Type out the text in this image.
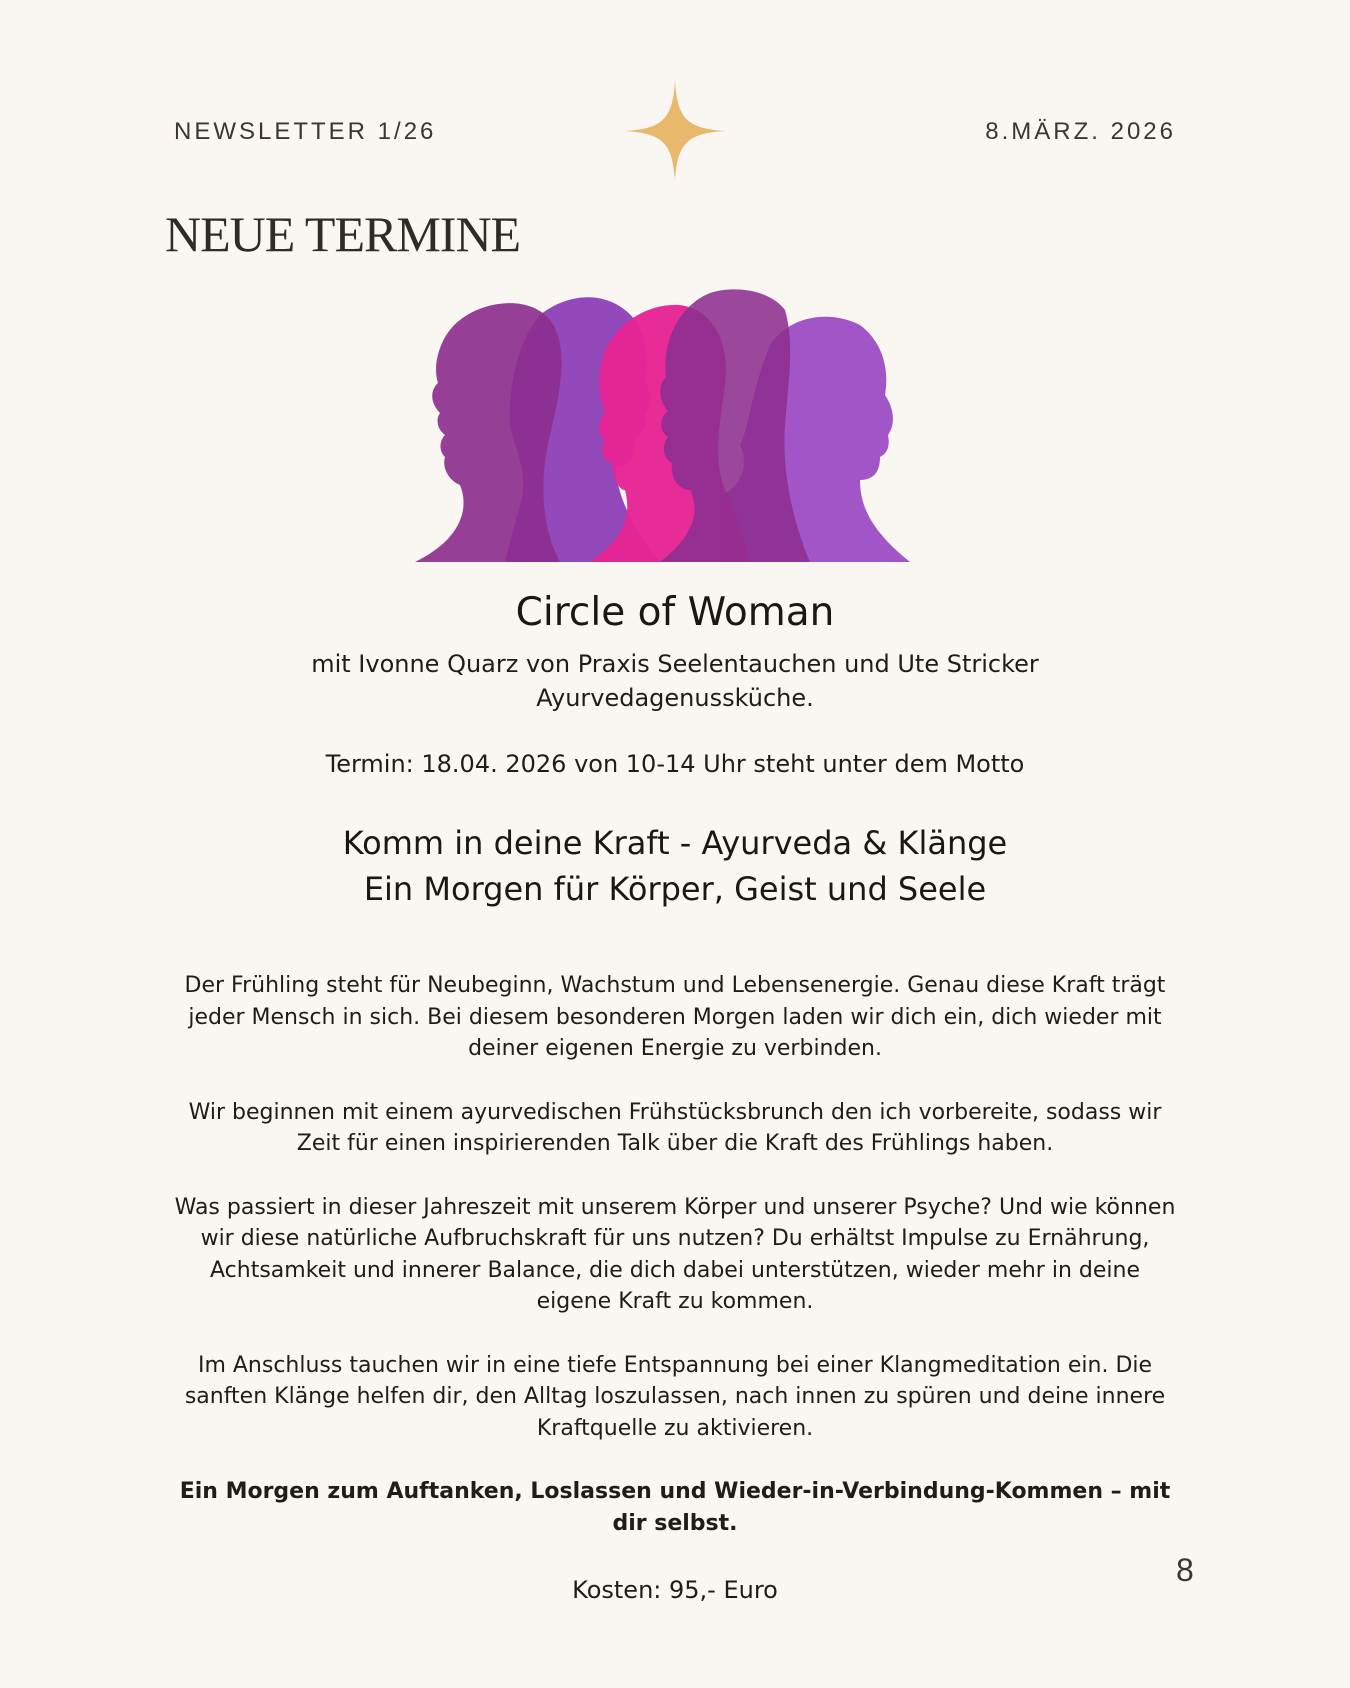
NEWSLETTER 1/26	8.MÄRZ. 2026
NEUE TERMINE
Circle of Woman
mit Ivonne Quarz von Praxis Seelentauchen und Ute Stricker
Ayurvedagenussküche.
Termin: 18.04. 2026 von 10-14 Uhr steht unter dem Motto
Komm in deine Kraft - Ayurveda & Klänge
Ein Morgen für Körper, Geist und Seele

Der Frühling steht für Neubeginn, Wachstum und Lebensenergie. Genau diese Kraft trägt jeder Mensch in sich. Bei diesem besonderen Morgen laden wir dich ein, dich wieder mit deiner eigenen Energie zu verbinden.

Wir beginnen mit einem ayurvedischen Frühstücksbrunch den ich vorbereite, sodass wir Zeit für einen inspirierenden Talk über die Kraft des Frühlings haben.

Was passiert in dieser Jahreszeit mit unserem Körper und unserer Psyche? Und wie können wir diese natürliche Aufbruchskraft für uns nutzen? Du erhältst Impulse zu Ernährung, Achtsamkeit und innerer Balance, die dich dabei unterstützen, wieder mehr in deine eigene Kraft zu kommen.

Im Anschluss tauchen wir in eine tiefe Entspannung bei einer Klangmeditation ein. Die sanften Klänge helfen dir, den Alltag loszulassen, nach innen zu spüren und deine innere Kraftquelle zu aktivieren.

Ein Morgen zum Auftanken, Loslassen und Wieder-in-Verbindung-Kommen – mit dir selbst.

Kosten: 95,- Euro
8
